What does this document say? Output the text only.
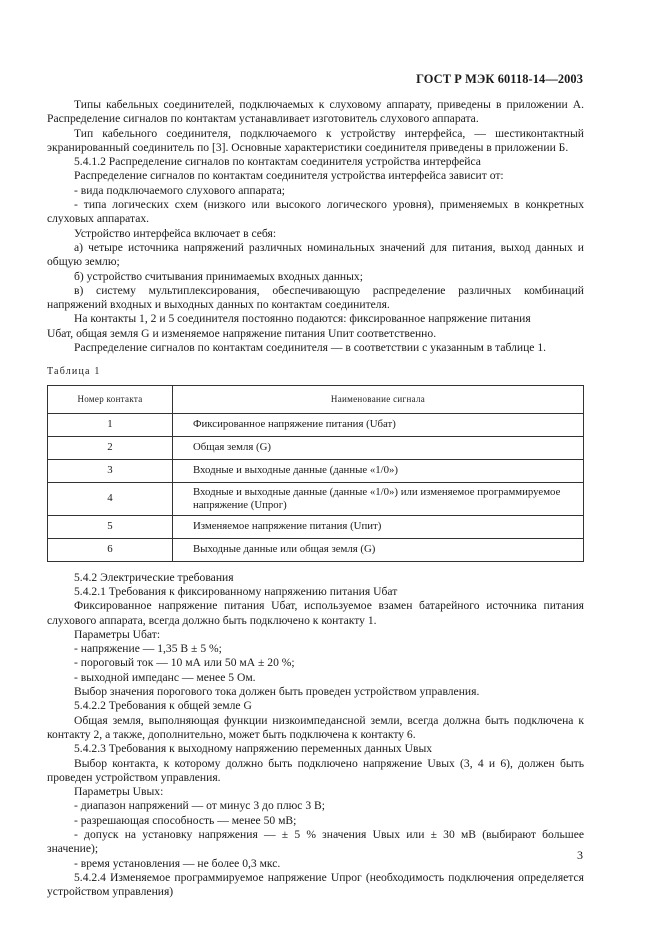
ГОСТ Р МЭК 60118-14—2003

Типы кабельных соединителей, подключаемых к слуховому аппарату, приведены в приложении А. Распределение сигналов по контактам устанавливает изготовитель слухового аппарата.

Тип кабельного соединителя, подключаемого к устройству интерфейса, — шестиконтактный экранированный соединитель по [3]. Основные характеристики соединителя приведены в приложении Б.

5.4.1.2 Распределение сигналов по контактам соединителя устройства интерфейса

Распределение сигналов по контактам соединителя устройства интерфейса зависит от:

- вида подключаемого слухового аппарата;

- типа логических схем (низкого или высокого логического уровня), применяемых в конкретных слуховых аппаратах.

Устройство интерфейса включает в себя:

а) четыре источника напряжений различных номинальных значений для питания, выход данных и общую землю;

б) устройство считывания принимаемых входных данных;

в) систему мультиплексирования, обеспечивающую распределение различных комбинаций напряжений входных и выходных данных по контактам соединителя.

На контакты 1, 2 и 5 соединителя постоянно подаются: фиксированное напряжение питания

Uбат, общая земля G и изменяемое напряжение питания Uпит соответственно.

Распределение сигналов по контактам соединителя — в соответствии с указанным в таблице 1.

Таблица 1
Номер контакта	Наименование сигнала
1	Фиксированное напряжение питания (Uбат)
2	Общая земля (G)
3	Входные и выходные данные (данные «1/0»)
4	Входные и выходные данные (данные «1/0») или изменяемое программируемое напряжение (Uпрог)
5	Изменяемое напряжение питания (Uпит)
6	Выходные данные или общая земля (G)

5.4.2 Электрические требования

5.4.2.1 Требования к фиксированному напряжению питания Uбат

Фиксированное напряжение питания Uбат, используемое взамен батарейного источника питания слухового аппарата, всегда должно быть подключено к контакту 1.

Параметры Uбат:

- напряжение — 1,35 В ± 5 %;

- пороговый ток — 10 мА или 50 мА ± 20 %;

- выходной импеданс — менее 5 Ом.

Выбор значения порогового тока должен быть проведен устройством управления.

5.4.2.2 Требования к общей земле G

Общая земля, выполняющая функции низкоимпедансной земли, всегда должна быть подключена к контакту 2, а также, дополнительно, может быть подключена к контакту 6.

5.4.2.3 Требования к выходному напряжению переменных данных Uвых

Выбор контакта, к которому должно быть подключено напряжение Uвых (3, 4 и 6), должен быть проведен устройством управления.

Параметры Uвых:

- диапазон напряжений — от минус 3 до плюс 3 В;

- разрешающая способность — менее 50 мВ;

- допуск на установку напряжения — ± 5 % значения Uвых или ± 30 мВ (выбирают большее значение);

- время установления — не более 0,3 мкс.

5.4.2.4 Изменяемое программируемое напряжение Uпрог (необходимость подключения определяется устройством управления)

3
